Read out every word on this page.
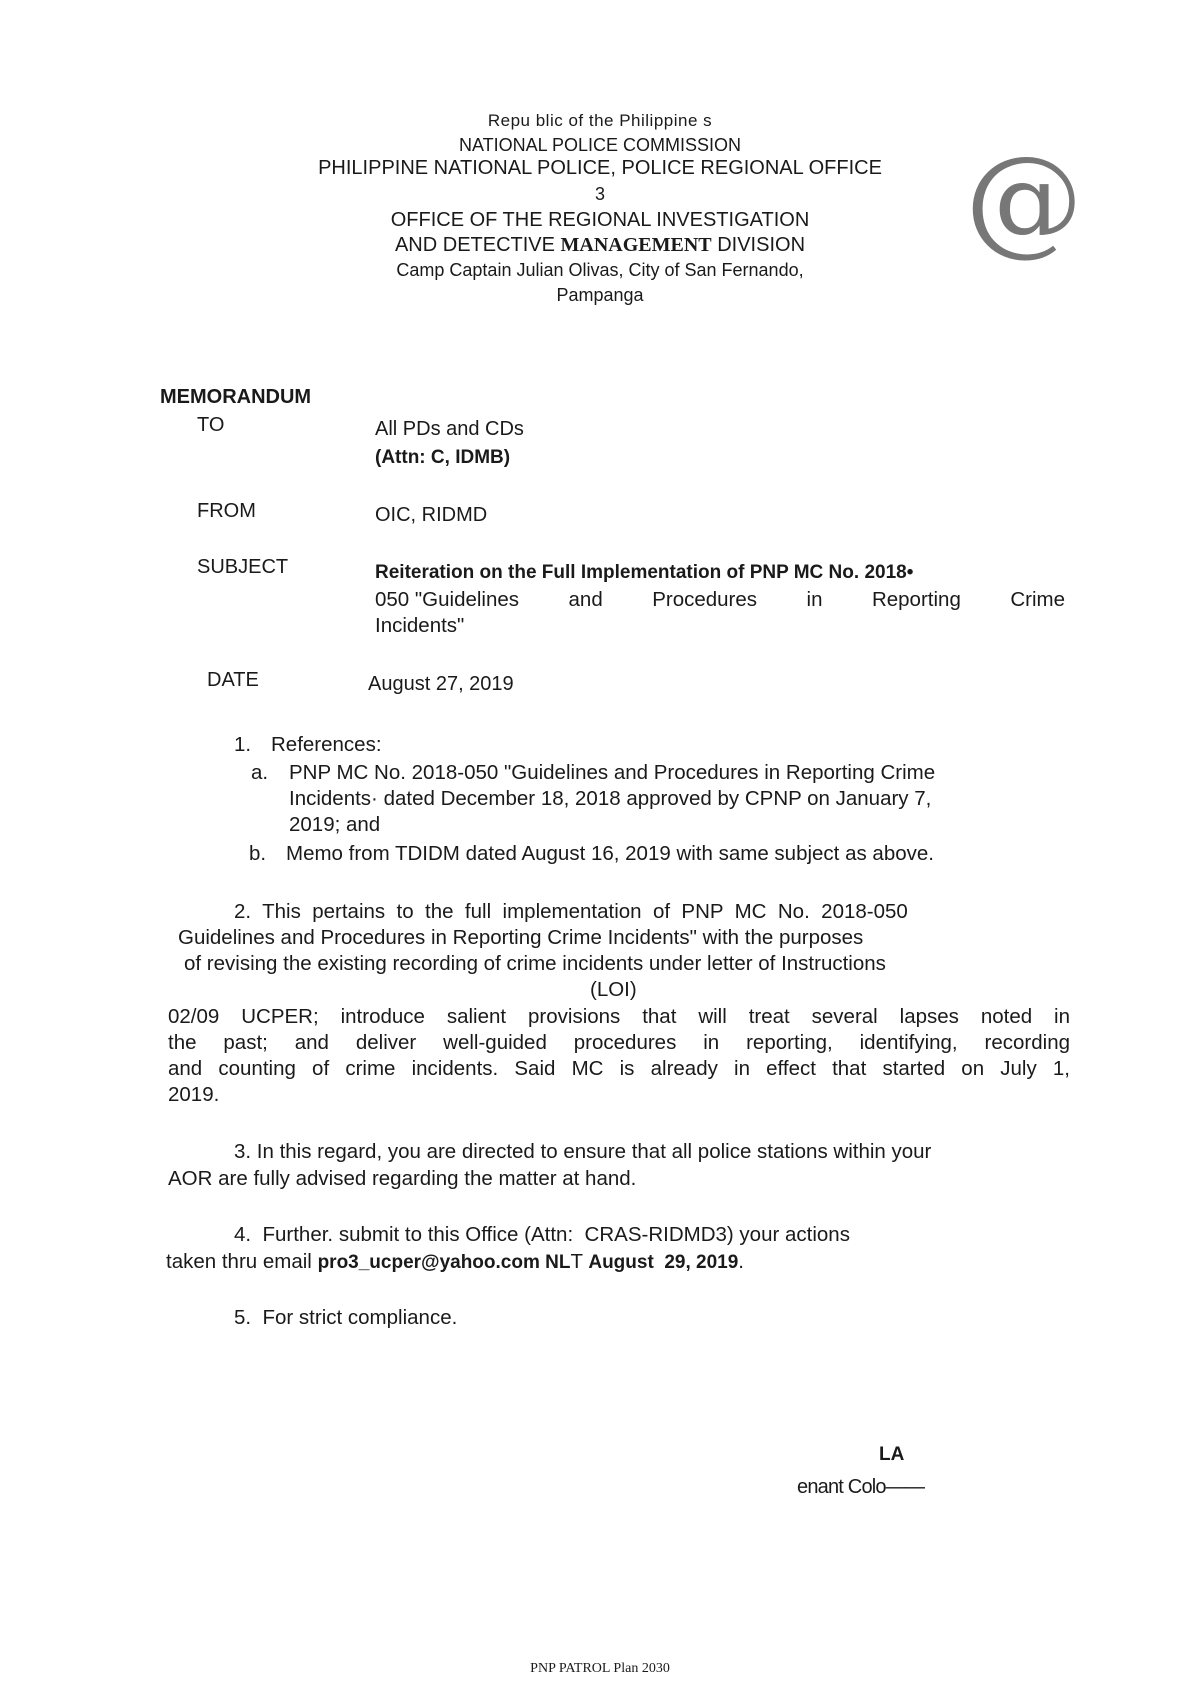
Repu blic of the Philippine s
NATIONAL POLICE COMMISSION
PHILIPPINE NATIONAL POLICE, POLICE REGIONAL OFFICE
3
OFFICE OF THE REGIONAL INVESTIGATION
AND DETECTIVE MANAGEMENT DIVISION
Camp Captain Julian Olivas, City of San Fernando,
Pampanga
@
MEMORANDUM
TO	All PDs and CDs
(Attn: C, IDMB)
FROM	OIC, RIDMD
SUBJECT	Reiteration on the Full Implementation of PNP MC No. 2018•
050 "Guidelines and Procedures in Reporting Crime
Incidents"
DATE	August 27, 2019
1. References:
a. PNP MC No. 2018-050 "Guidelines and Procedures in Reporting Crime
Incidents· dated December 18, 2018 approved by CPNP on January 7,
2019; and
b. Memo from TDIDM dated August 16, 2019 with same subject as above.
2.  This  pertains  to  the  full  implementation  of  PNP  MC  No.  2018-050
Guidelines and Procedures in Reporting Crime Incidents" with the purposes
of revising the existing recording of crime incidents under letter of Instructions
(LOI)
02/09 UCPER; introduce salient provisions that will treat several lapses noted in
the past; and deliver well-guided procedures in reporting, identifying, recording
and counting of crime incidents. Said MC is already in effect that started on July 1,
2019.
3. In this regard, you are directed to ensure that all police stations within your
AOR are fully advised regarding the matter at hand.
4.  Further. submit to this Office (Attn:  CRAS-RIDMD3) your actions
taken thru email pro3_ucper@yahoo.com NLT August  29, 2019.
5.  For strict compliance.
LA
enant Colo——
PNP PATROL Plan 2030
